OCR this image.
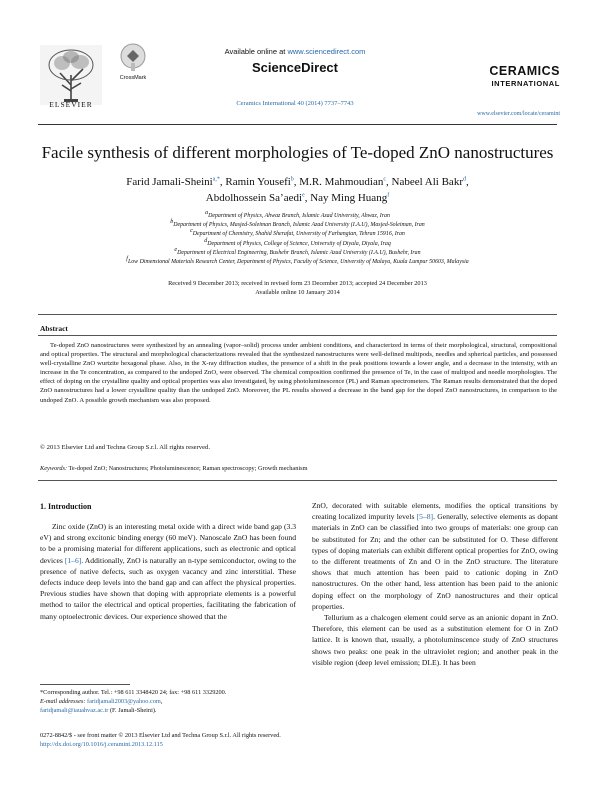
ELSEVIER
CrossMark
Available online at www.sciencedirect.com
ScienceDirect
Ceramics International 40 (2014) 7737–7743
CERAMICS
INTERNATIONAL
www.elsevier.com/locate/ceramint
Facile synthesis of different morphologies of Te-doped ZnO nanostructures
Farid Jamali-Sheini$^{a,*}$, Ramin Yousefi$^b$, M.R. Mahmoudian$^c$, Nabeel Ali Bakr$^d$,
Abdolhossein Sa’aedi$^e$, Nay Ming Huang$^f$
$^a$Department of Physics, Ahwaz Branch, Islamic Azad University, Ahwaz, Iran
$^b$Department of Physics, Masjed-Soleiman Branch, Islamic Azad University (I.A.U), Masjed-Soleiman, Iran
$^c$Department of Chemistry, Shahid Sherafat, University of Farhangian, Tehran 15916, Iran
$^d$Department of Physics, College of Science, University of Diyala, Diyala, Iraq
$^e$Department of Electrical Engineering, Bushehr Branch, Islamic Azad University (I.A.U), Bushehr, Iran
$^f$Low Dimensional Materials Research Center, Department of Physics, Faculty of Science, University of Malaya, Kuala Lumpur 50603, Malaysia
Received 9 December 2013; received in revised form 23 December 2013; accepted 24 December 2013
Available online 10 January 2014
Abstract
Te-doped ZnO nanostructures were synthesized by an annealing (vapor–solid) process under ambient conditions, and characterized in terms of their morphological, structural, compositional and optical properties. The structural and morphological characterizations revealed that the synthesized nanostructures were well-defined multipods, needles and spherical particles, and possessed well-crystalline ZnO wurtzite hexagonal phase. Also, in the X-ray diffraction studies, the presence of a shift in the peak positions towards a lower angle, and a decrease in the intensity, with an increase in the Te concentration, as compared to the undoped ZnO, were observed. The chemical composition confirmed the presence of Te, in the case of multipod and needle morphologies. The effect of doping on the crystalline quality and optical properties was also investigated, by using photoluminescence (PL) and Raman spectrometers. The Raman results demonstrated that the doped ZnO nanostructures had a lower crystalline quality than the undoped ZnO. Moreover, the PL results showed a decrease in the band gap for the doped ZnO nanostructures, in comparison to the undoped ZnO. A possible growth mechanism was also proposed.
© 2013 Elsevier Ltd and Techna Group S.r.l. All rights reserved.
Keywords: Te-doped ZnO; Nanostructures; Photoluminescence; Raman spectroscopy; Growth mechanism
1. Introduction
Zinc oxide (ZnO) is an interesting metal oxide with a direct wide band gap (3.3 eV) and strong excitonic binding energy (60 meV). Nanoscale ZnO has been found to be a promising material for different applications, such as electronic and optical devices [1–6]. Additionally, ZnO is naturally an n-type semiconductor, owing to the presence of native defects, such as oxygen vacancy and zinc interstitial. These defects induce deep levels into the band gap and can affect the physical properties. Previous studies have shown that doping with appropriate elements is a powerful method to tailor the electrical and optical properties, facilitating the fabrication of many optoelectronic devices. Our experience showed that the
ZnO, decorated with suitable elements, modifies the optical transitions by creating localized impurity levels [5–8]. Generally, selective elements as dopant materials in ZnO can be classified into two groups of materials: one group can be substituted for Zn; and the other can be substituted for O. These different types of doping materials can exhibit different optical properties for ZnO, owing to the different treatments of Zn and O in the ZnO structure. The literature shows that much attention has been paid to cationic doping in ZnO nanostructures. On the other hand, less attention has been paid to the anionic doping effect on the morphology of ZnO nanostructures and their optical properties.
Tellurium as a chalcogen element could serve as an anionic dopant in ZnO. Therefore, this element can be used as a substitution element for O in ZnO lattice. It is known that, usually, a photoluminscence study of ZnO structures shows two peaks: one peak in the ultraviolet region; and another peak in the visible region (deep level emission; DLE). It has been
*Corresponding author. Tel.: +98 611 3348420 24; fax: +98 611 3329200.
E-mail addresses: faridjamali2003@yahoo.com,
faridjamali@iauahvaz.ac.ir (F. Jamali-Sheini).
0272-8842/$ - see front matter © 2013 Elsevier Ltd and Techna Group S.r.l. All rights reserved.
http://dx.doi.org/10.1016/j.ceramint.2013.12.115
